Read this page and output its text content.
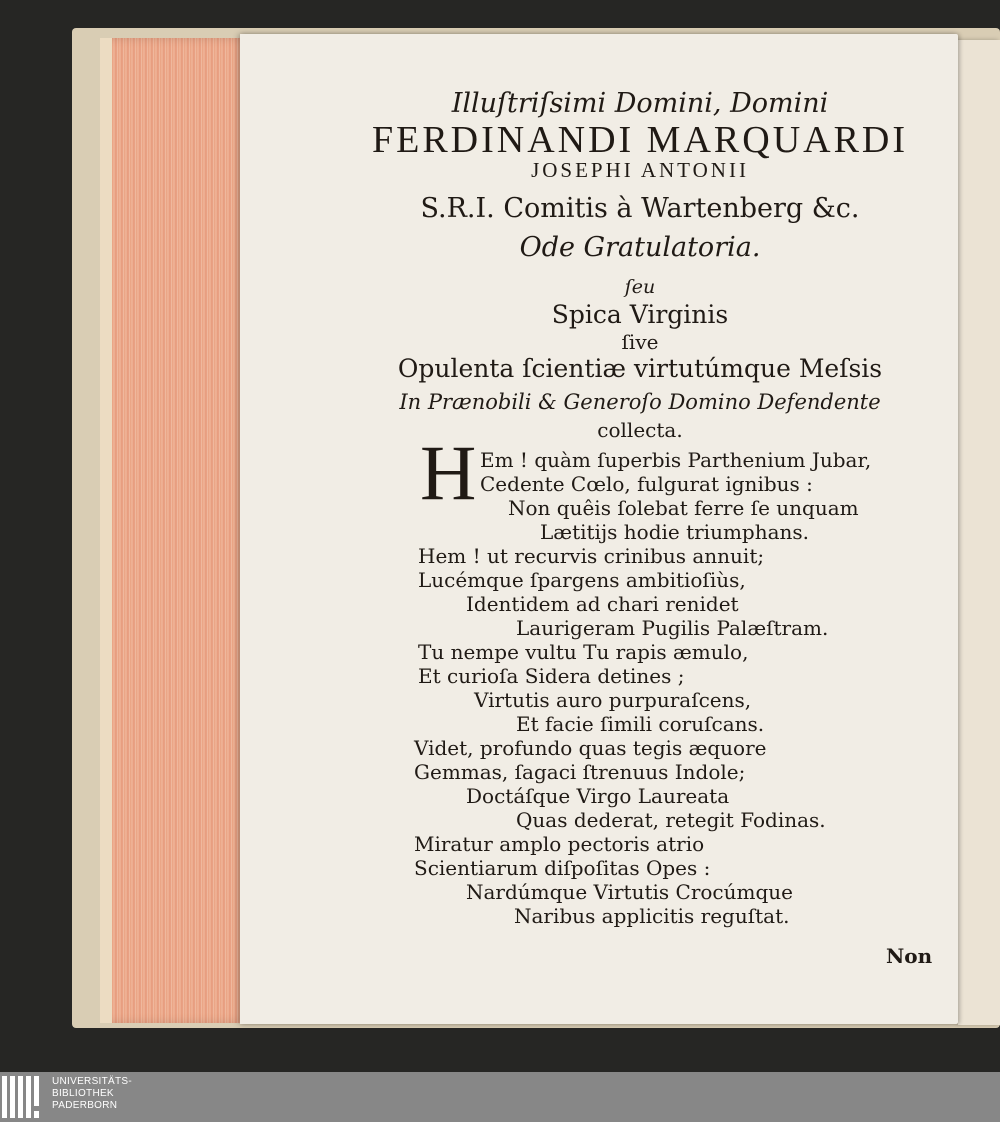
Illuſtriſsimi Domini, Domini
FERDINANDI MARQUARDI
JOSEPHI ANTONII
S.R.I. Comitis à Wartenberg &c.
Ode Gratulatoria.
ſeu
Spica Virginis
ſive
Opulenta ſcientiæ virtutúmque Meſsis
In Prænobili & Generoſo Domino Defendente
collecta.
H Em ! quàm ſuperbis Parthenium Jubar,
Cedente Cœlo, fulgurat ignibus :
Non quêis ſolebat ferre ſe unquam
Lætitijs hodie triumphans.
Hem ! ut recurvis crinibus annuit;
Lucémque ſpargens ambitioſiùs,
Identidem ad chari renidet
Laurigeram Pugilis Palæſtram.
Tu nempe vultu Tu rapis æmulo,
Et curioſa Sidera detines ;
Virtutis auro purpuraſcens,
Et facie ſimili coruſcans.
Videt, profundo quas tegis æquore
Gemmas, ſagaci ſtrenuus Indole;
Doctáſque Virgo Laureata
Quas dederat, retegit Fodinas.
Miratur amplo pectoris atrio
Scientiarum diſpoſitas Opes :
Nardúmque Virtutis Crocúmque
Naribus applicitis reguſtat.
Non
UNIVERSITÄTS-
BIBLIOTHEK
PADERBORN
